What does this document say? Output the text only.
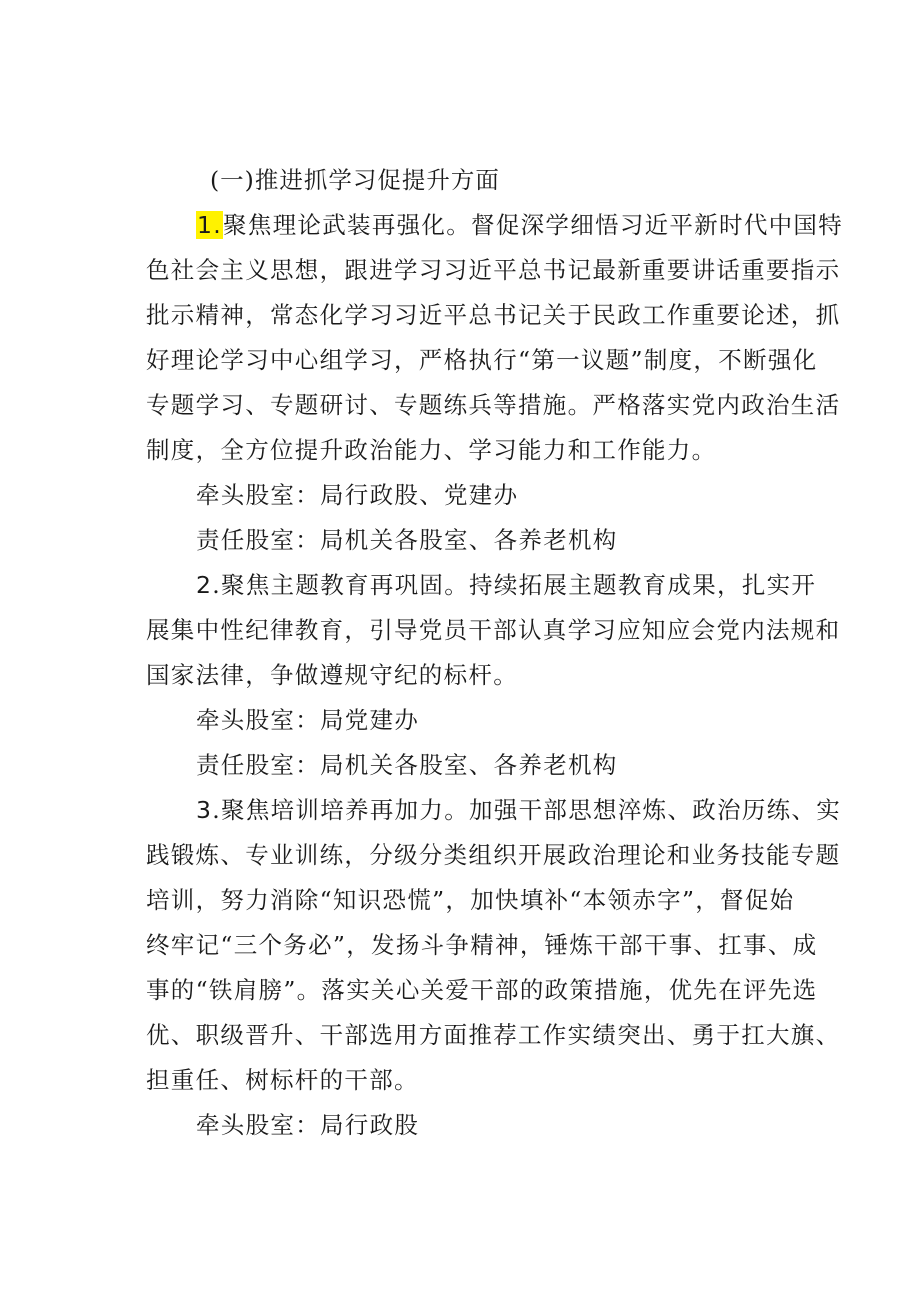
(一)推进抓学习促提升方面
1.聚焦理论武装再强化。督促深学细悟习近平新时代中国特
色社会主义思想，跟进学习习近平总书记最新重要讲话重要指示
批示精神，常态化学习习近平总书记关于民政工作重要论述，抓
好理论学习中心组学习，严格执行“第一议题”制度，不断强化
专题学习、专题研讨、专题练兵等措施。严格落实党内政治生活
制度，全方位提升政治能力、学习能力和工作能力。
牵头股室：局行政股、党建办
责任股室：局机关各股室、各养老机构
2.聚焦主题教育再巩固。持续拓展主题教育成果，扎实开
展集中性纪律教育，引导党员干部认真学习应知应会党内法规和
国家法律，争做遵规守纪的标杆。
牵头股室：局党建办
责任股室：局机关各股室、各养老机构
3.聚焦培训培养再加力。加强干部思想淬炼、政治历练、实
践锻炼、专业训练，分级分类组织开展政治理论和业务技能专题
培训，努力消除“知识恐慌”，加快填补“本领赤字”，督促始
终牢记“三个务必”，发扬斗争精神，锤炼干部干事、扛事、成
事的“铁肩膀”。落实关心关爱干部的政策措施，优先在评先选
优、职级晋升、干部选用方面推荐工作实绩突出、勇于扛大旗、
担重任、树标杆的干部。
牵头股室：局行政股
